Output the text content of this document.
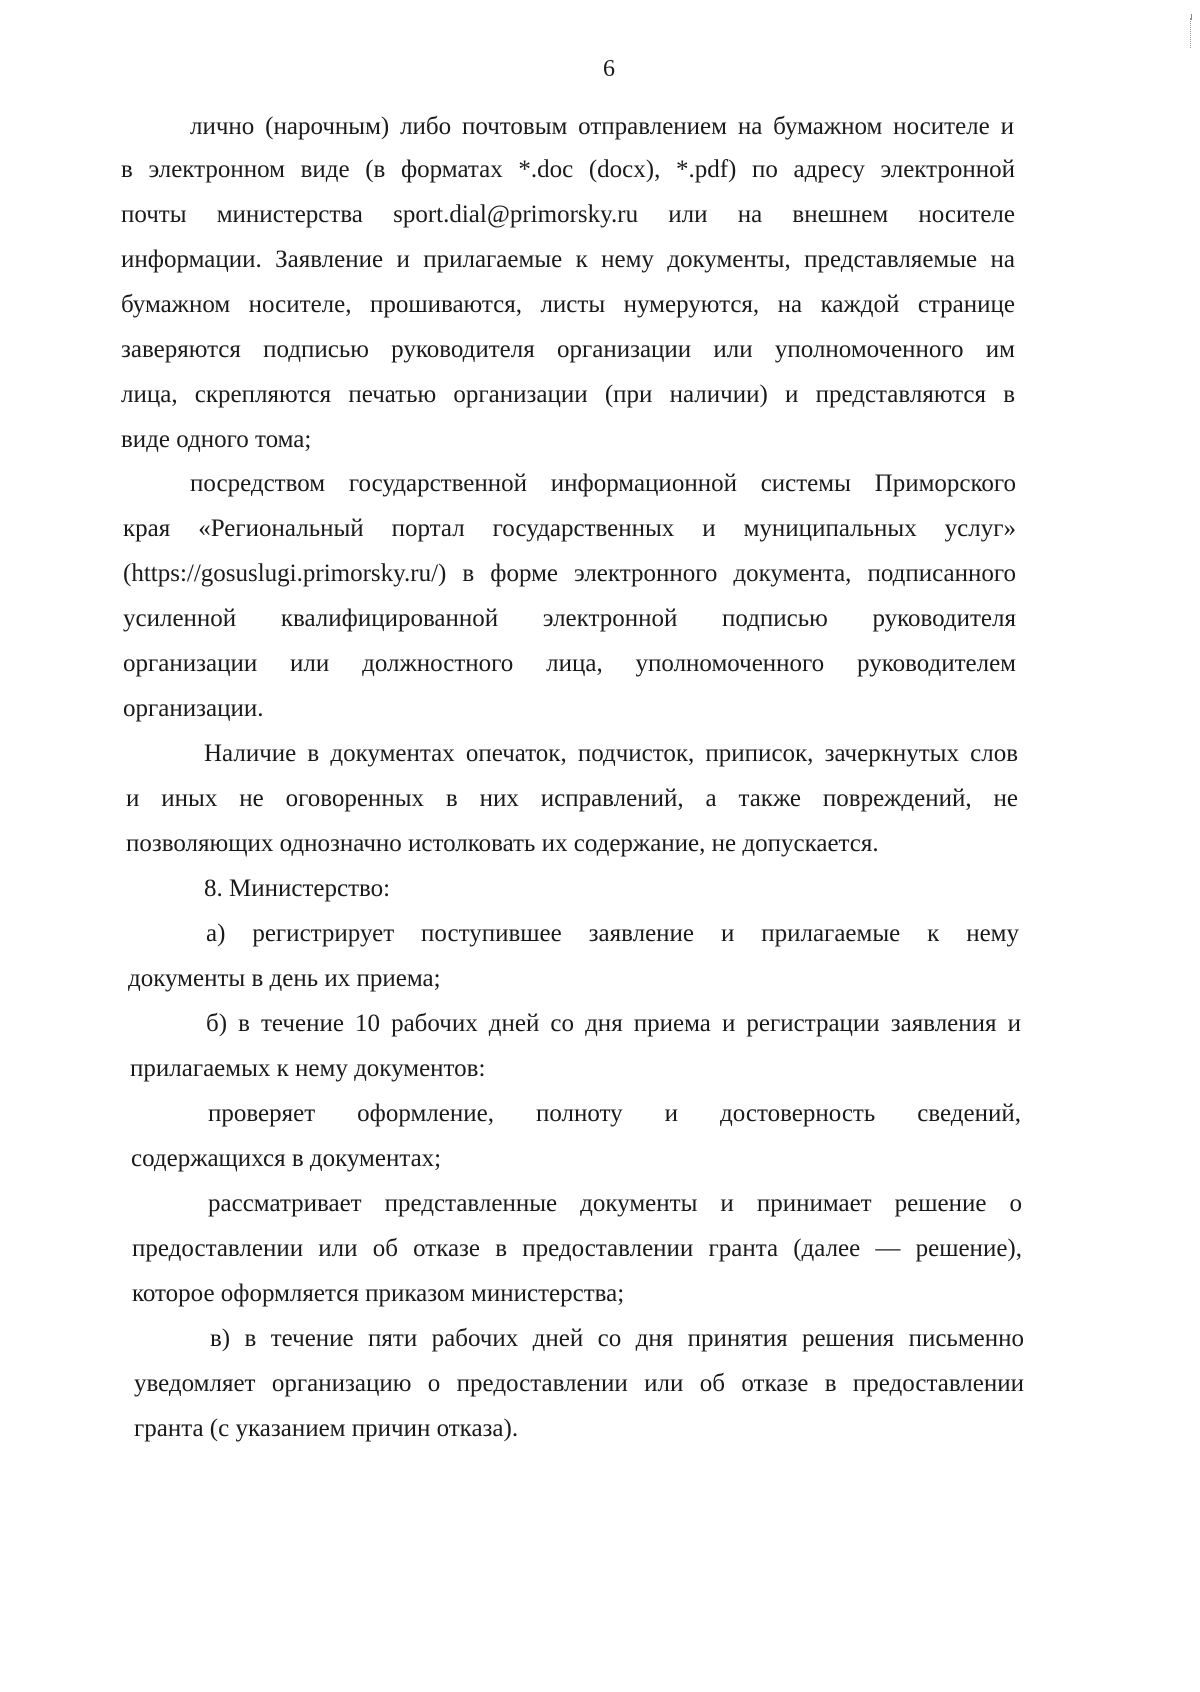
6
лично (нарочным) либо почтовым отправлением на бумажном носителе и
в электронном виде (в форматах *.doc (docx), *.pdf) по адресу электронной
почты министерства sport.dial@primorsky.ru или на внешнем носителе
информации. Заявление и прилагаемые к нему документы, представляемые на
бумажном носителе, прошиваются, листы нумеруются, на каждой странице
заверяются подписью руководителя организации или уполномоченного им
лица, скрепляются печатью организации (при наличии) и представляются в
виде одного тома;
посредством государственной информационной системы Приморского
края «Региональный портал государственных и муниципальных услуг»
(https://gosuslugi.primorsky.ru/) в форме электронного документа, подписанного
усиленной квалифицированной электронной подписью руководителя
организации или должностного лица, уполномоченного руководителем
организации.
Наличие в документах опечаток, подчисток, приписок, зачеркнутых слов
и иных не оговоренных в них исправлений, а также повреждений, не
позволяющих однозначно истолковать их содержание, не допускается.
8. Министерство:
а) регистрирует поступившее заявление и прилагаемые к нему
документы в день их приема;
б) в течение 10 рабочих дней со дня приема и регистрации заявления и
прилагаемых к нему документов:
проверяет оформление, полноту и достоверность сведений,
содержащихся в документах;
рассматривает представленные документы и принимает решение о
предоставлении или об отказе в предоставлении гранта (далее — решение),
которое оформляется приказом министерства;
в) в течение пяти рабочих дней со дня принятия решения письменно
уведомляет организацию о предоставлении или об отказе в предоставлении
гранта (с указанием причин отказа).
